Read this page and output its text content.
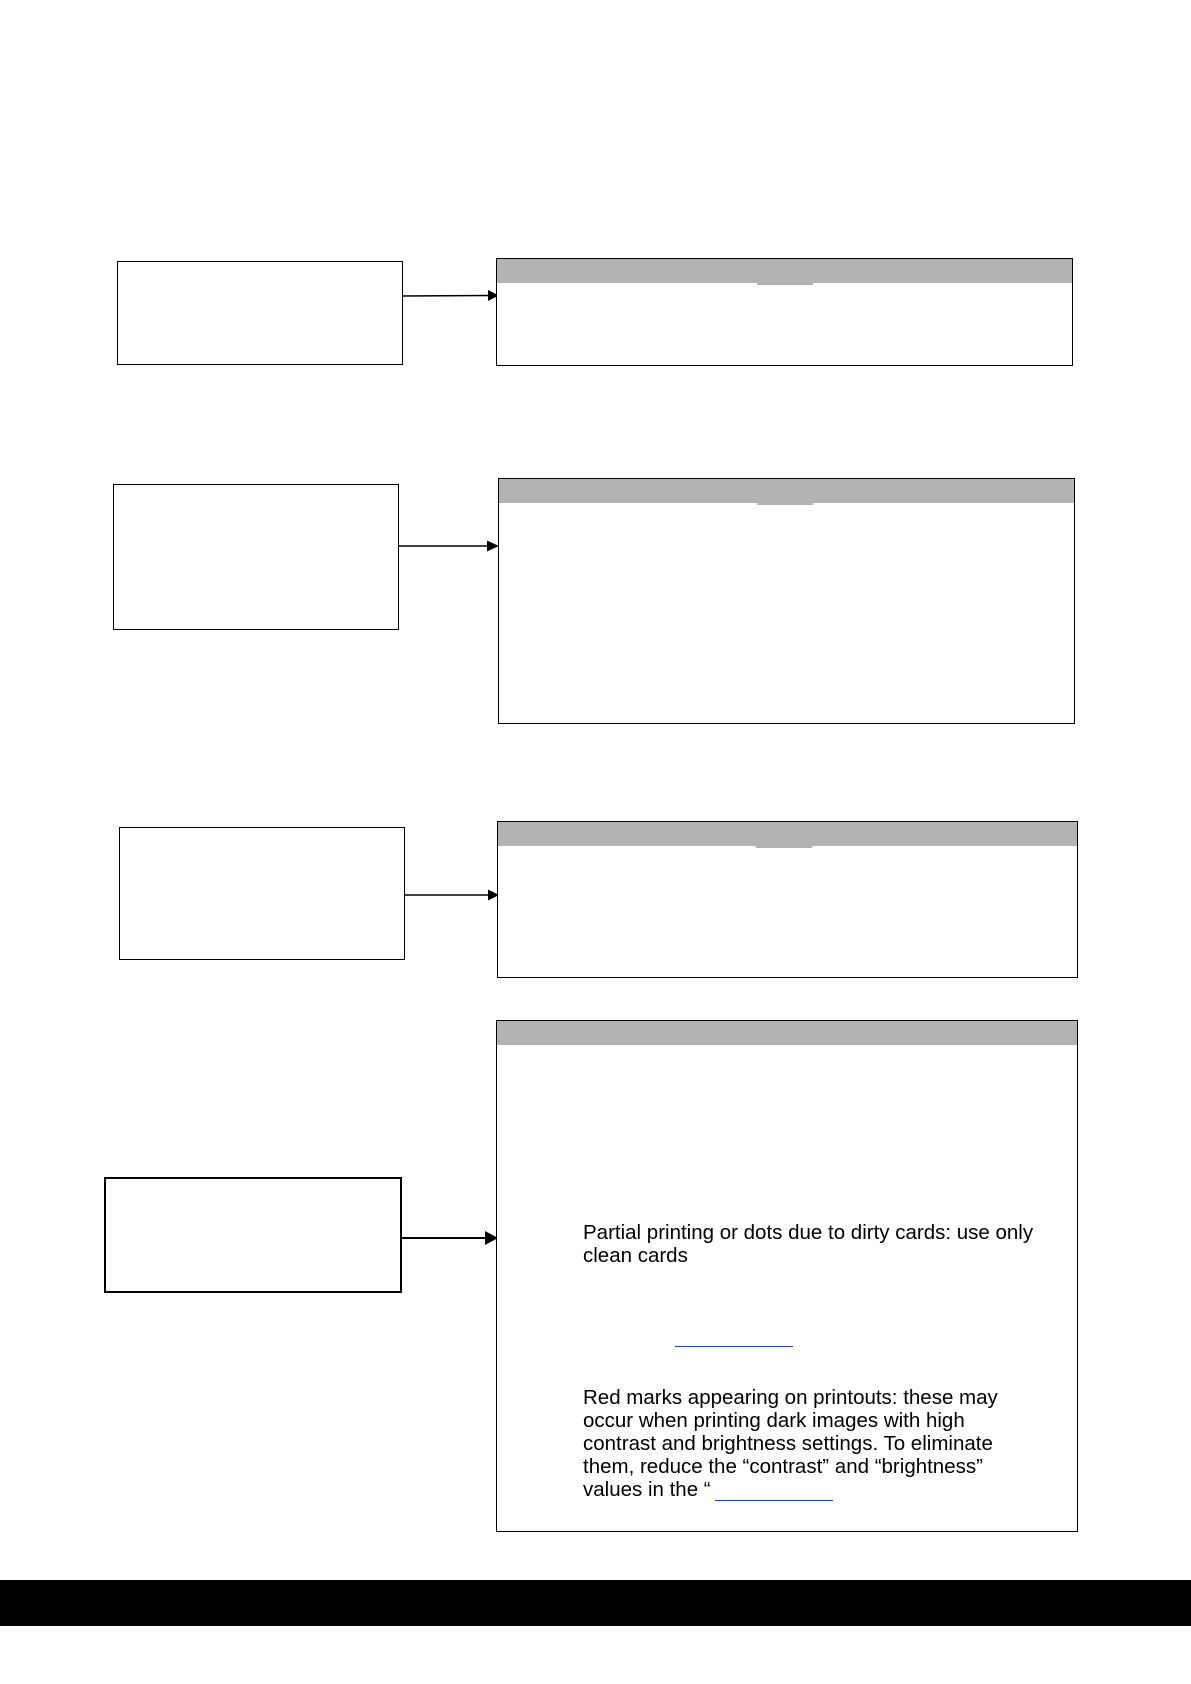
Partial printing or dots due to dirty cards: use only clean cards
Red marks appearing on printouts: these may occur when printing dark images with high contrast and brightness settings. To eliminate them, reduce the “contrast” and “brightness” values in the “
